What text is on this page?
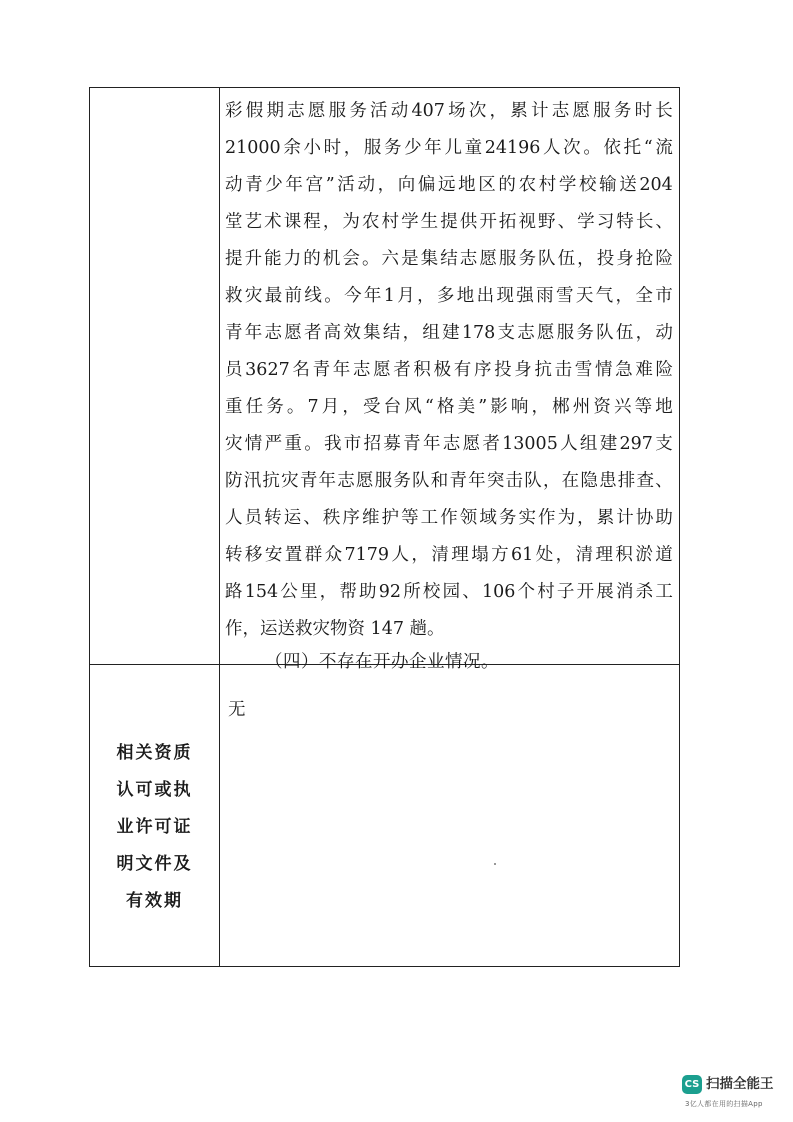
彩 假 期 志 愿 服 务 活 动 407 场 次 ， 累 计 志 愿 服 务 时 长
21000 余 小 时 ， 服 务 少 年 儿 童 24196 人 次 。 依 托 “ 流
动 青 少 年 宫 ” 活 动 ， 向 偏 远 地 区 的 农 村 学 校 输 送 204
堂 艺 术 课 程 ， 为 农 村 学 生 提 供 开 拓 视 野 、 学 习 特 长 、
提 升 能 力 的 机 会 。 六 是 集 结 志 愿 服 务 队 伍 ， 投 身 抢 险
救 灾 最 前 线 。 今 年 1 月 ， 多 地 出 现 强 雨 雪 天 气 ， 全 市
青 年 志 愿 者 高 效 集 结 ， 组 建 178 支 志 愿 服 务 队 伍 ， 动
员 3627 名 青 年 志 愿 者 积 极 有 序 投 身 抗 击 雪 情 急 难 险
重 任 务 。 7 月 ， 受 台 风 “ 格 美 ” 影 响 ， 郴 州 资 兴 等 地
灾 情 严 重 。 我 市 招 募 青 年 志 愿 者 13005 人 组 建 297 支
防 汛 抗 灾 青 年 志 愿 服 务 队 和 青 年 突 击 队 ， 在 隐 患 排 查 、
人 员 转 运 、 秩 序 维 护 等 工 作 领 域 务 实 作 为 ， 累 计 协 助
转 移 安 置 群 众 7179 人 ， 清 理 塌 方 61 处 ， 清 理 积 淤 道
路 154 公 里 ， 帮 助 92 所 校 园 、 106 个 村 子 开 展 消 杀 工
作，运送救灾物资 147 趟。
（四）不存在开办企业情况。
相关资质
认可或执
业许可证
明文件及
有效期
无
CS 扫描全能王
3亿人都在用的扫描App
